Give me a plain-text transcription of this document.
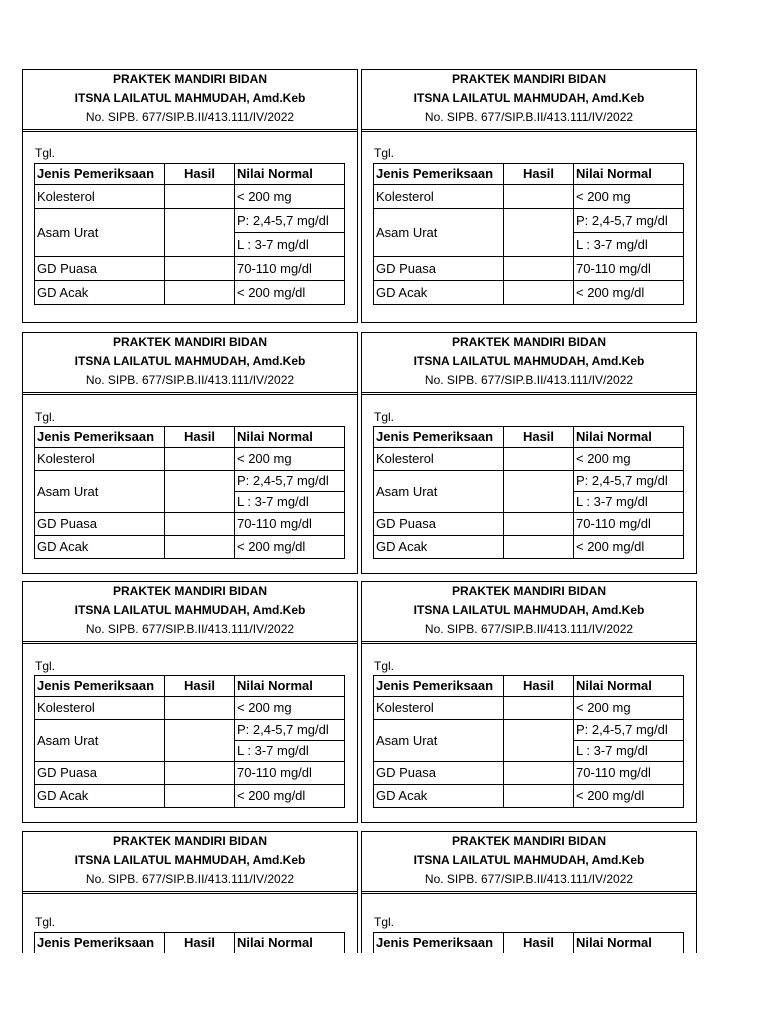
PRAKTEK MANDIRI BIDAN
ITSNA LAILATUL MAHMUDAH, Amd.Keb
No. SIPB. 677/SIP.B.II/413.111/IV/2022
Tgl.
Jenis Pemeriksaan	Hasil	Nilai Normal
Kolesterol		< 200 mg
Asam Urat		P: 2,4-5,7 mg/dl
		L : 3-7 mg/dl
GD Puasa		70-110 mg/dl
GD Acak		< 200 mg/dl
PRAKTEK MANDIRI BIDAN
ITSNA LAILATUL MAHMUDAH, Amd.Keb
No. SIPB. 677/SIP.B.II/413.111/IV/2022
Tgl.
Jenis Pemeriksaan	Hasil	Nilai Normal
Kolesterol		< 200 mg
Asam Urat		P: 2,4-5,7 mg/dl
		L : 3-7 mg/dl
GD Puasa		70-110 mg/dl
GD Acak		< 200 mg/dl
PRAKTEK MANDIRI BIDAN
ITSNA LAILATUL MAHMUDAH, Amd.Keb
No. SIPB. 677/SIP.B.II/413.111/IV/2022
Tgl.
Jenis Pemeriksaan	Hasil	Nilai Normal
Kolesterol		< 200 mg
Asam Urat		P: 2,4-5,7 mg/dl
		L : 3-7 mg/dl
GD Puasa		70-110 mg/dl
GD Acak		< 200 mg/dl
PRAKTEK MANDIRI BIDAN
ITSNA LAILATUL MAHMUDAH, Amd.Keb
No. SIPB. 677/SIP.B.II/413.111/IV/2022
Tgl.
Jenis Pemeriksaan	Hasil	Nilai Normal
Kolesterol		< 200 mg
Asam Urat		P: 2,4-5,7 mg/dl
		L : 3-7 mg/dl
GD Puasa		70-110 mg/dl
GD Acak		< 200 mg/dl
PRAKTEK MANDIRI BIDAN
ITSNA LAILATUL MAHMUDAH, Amd.Keb
No. SIPB. 677/SIP.B.II/413.111/IV/2022
Tgl.
Jenis Pemeriksaan	Hasil	Nilai Normal
Kolesterol		< 200 mg
Asam Urat		P: 2,4-5,7 mg/dl
		L : 3-7 mg/dl
GD Puasa		70-110 mg/dl
GD Acak		< 200 mg/dl
PRAKTEK MANDIRI BIDAN
ITSNA LAILATUL MAHMUDAH, Amd.Keb
No. SIPB. 677/SIP.B.II/413.111/IV/2022
Tgl.
Jenis Pemeriksaan	Hasil	Nilai Normal
Kolesterol		< 200 mg
Asam Urat		P: 2,4-5,7 mg/dl
		L : 3-7 mg/dl
GD Puasa		70-110 mg/dl
GD Acak		< 200 mg/dl
PRAKTEK MANDIRI BIDAN
ITSNA LAILATUL MAHMUDAH, Amd.Keb
No. SIPB. 677/SIP.B.II/413.111/IV/2022
Tgl.
Jenis Pemeriksaan	Hasil	Nilai Normal
PRAKTEK MANDIRI BIDAN
ITSNA LAILATUL MAHMUDAH, Amd.Keb
No. SIPB. 677/SIP.B.II/413.111/IV/2022
Tgl.
Jenis Pemeriksaan	Hasil	Nilai Normal
